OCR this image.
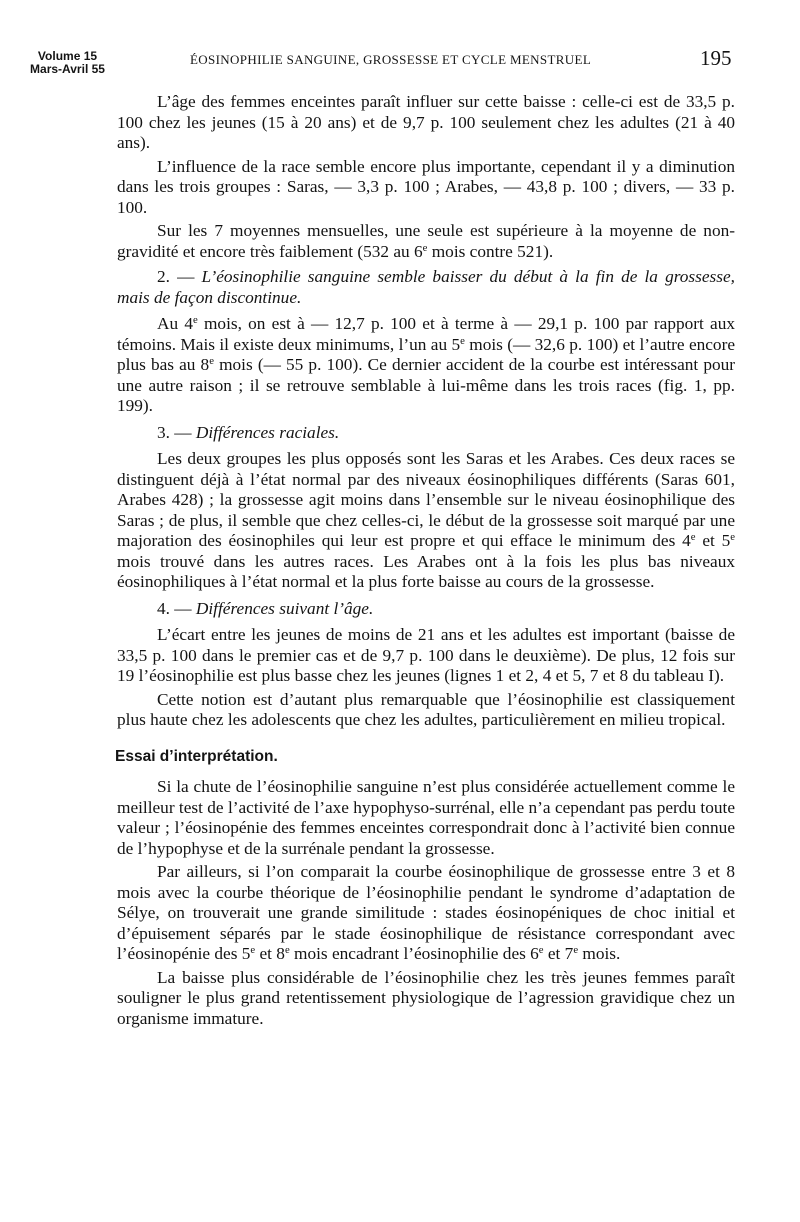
Volume 15
Mars-Avril 55
ÉOSINOPHILIE SANGUINE, GROSSESSE ET CYCLE MENSTRUEL	195

L’âge des femmes enceintes paraît influer sur cette baisse : celle-ci est de 33,5 p. 100 chez les jeunes (15 à 20 ans) et de 9,7 p. 100 seulement chez les adultes (21 à 40 ans).

L’influence de la race semble encore plus importante, cependant il y a diminution dans les trois groupes : Saras, — 3,3 p. 100 ; Arabes, — 43,8 p. 100 ; divers, — 33 p. 100.

Sur les 7 moyennes mensuelles, une seule est supérieure à la moyenne de non-gravidité et encore très faiblement (532 au 6e mois contre 521).

2. — L’éosinophilie sanguine semble baisser du début à la fin de la grossesse, mais de façon discontinue.

Au 4e mois, on est à — 12,7 p. 100 et à terme à — 29,1 p. 100 par rapport aux témoins. Mais il existe deux minimums, l’un au 5e mois (— 32,6 p. 100) et l’autre encore plus bas au 8e mois (— 55 p. 100). Ce dernier accident de la courbe est intéressant pour une autre raison ; il se retrouve semblable à lui-même dans les trois races (fig. 1, pp. 199).

3. — Différences raciales.

Les deux groupes les plus opposés sont les Saras et les Arabes. Ces deux races se distinguent déjà à l’état normal par des niveaux éosinophiliques différents (Saras 601, Arabes 428) ; la grossesse agit moins dans l’ensemble sur le niveau éosinophilique des Saras ; de plus, il semble que chez celles-ci, le début de la grossesse soit marqué par une majoration des éosinophiles qui leur est propre et qui efface le minimum des 4e et 5e mois trouvé dans les autres races. Les Arabes ont à la fois les plus bas niveaux éosinophiliques à l’état normal et la plus forte baisse au cours de la grossesse.

4. — Différences suivant l’âge.

L’écart entre les jeunes de moins de 21 ans et les adultes est important (baisse de 33,5 p. 100 dans le premier cas et de 9,7 p. 100 dans le deuxième). De plus, 12 fois sur 19 l’éosinophilie est plus basse chez les jeunes (lignes 1 et 2, 4 et 5, 7 et 8 du tableau I).

Cette notion est d’autant plus remarquable que l’éosinophilie est classiquement plus haute chez les adolescents que chez les adultes, particulièrement en milieu tropical.

Essai d’interprétation.

Si la chute de l’éosinophilie sanguine n’est plus considérée actuellement comme le meilleur test de l’activité de l’axe hypophyso-surrénal, elle n’a cependant pas perdu toute valeur ; l’éosinopénie des femmes enceintes correspondrait donc à l’activité bien connue de l’hypophyse et de la surrénale pendant la grossesse.

Par ailleurs, si l’on comparait la courbe éosinophilique de grossesse entre 3 et 8 mois avec la courbe théorique de l’éosinophilie pendant le syndrome d’adaptation de Sélye, on trouverait une grande similitude : stades éosinopéniques de choc initial et d’épuisement séparés par le stade éosinophilique de résistance correspondant avec l’éosinopénie des 5e et 8e mois encadrant l’éosinophilie des 6e et 7e mois.

La baisse plus considérable de l’éosinophilie chez les très jeunes femmes paraît souligner le plus grand retentissement physiologique de l’agression gravidique chez un organisme immature.
